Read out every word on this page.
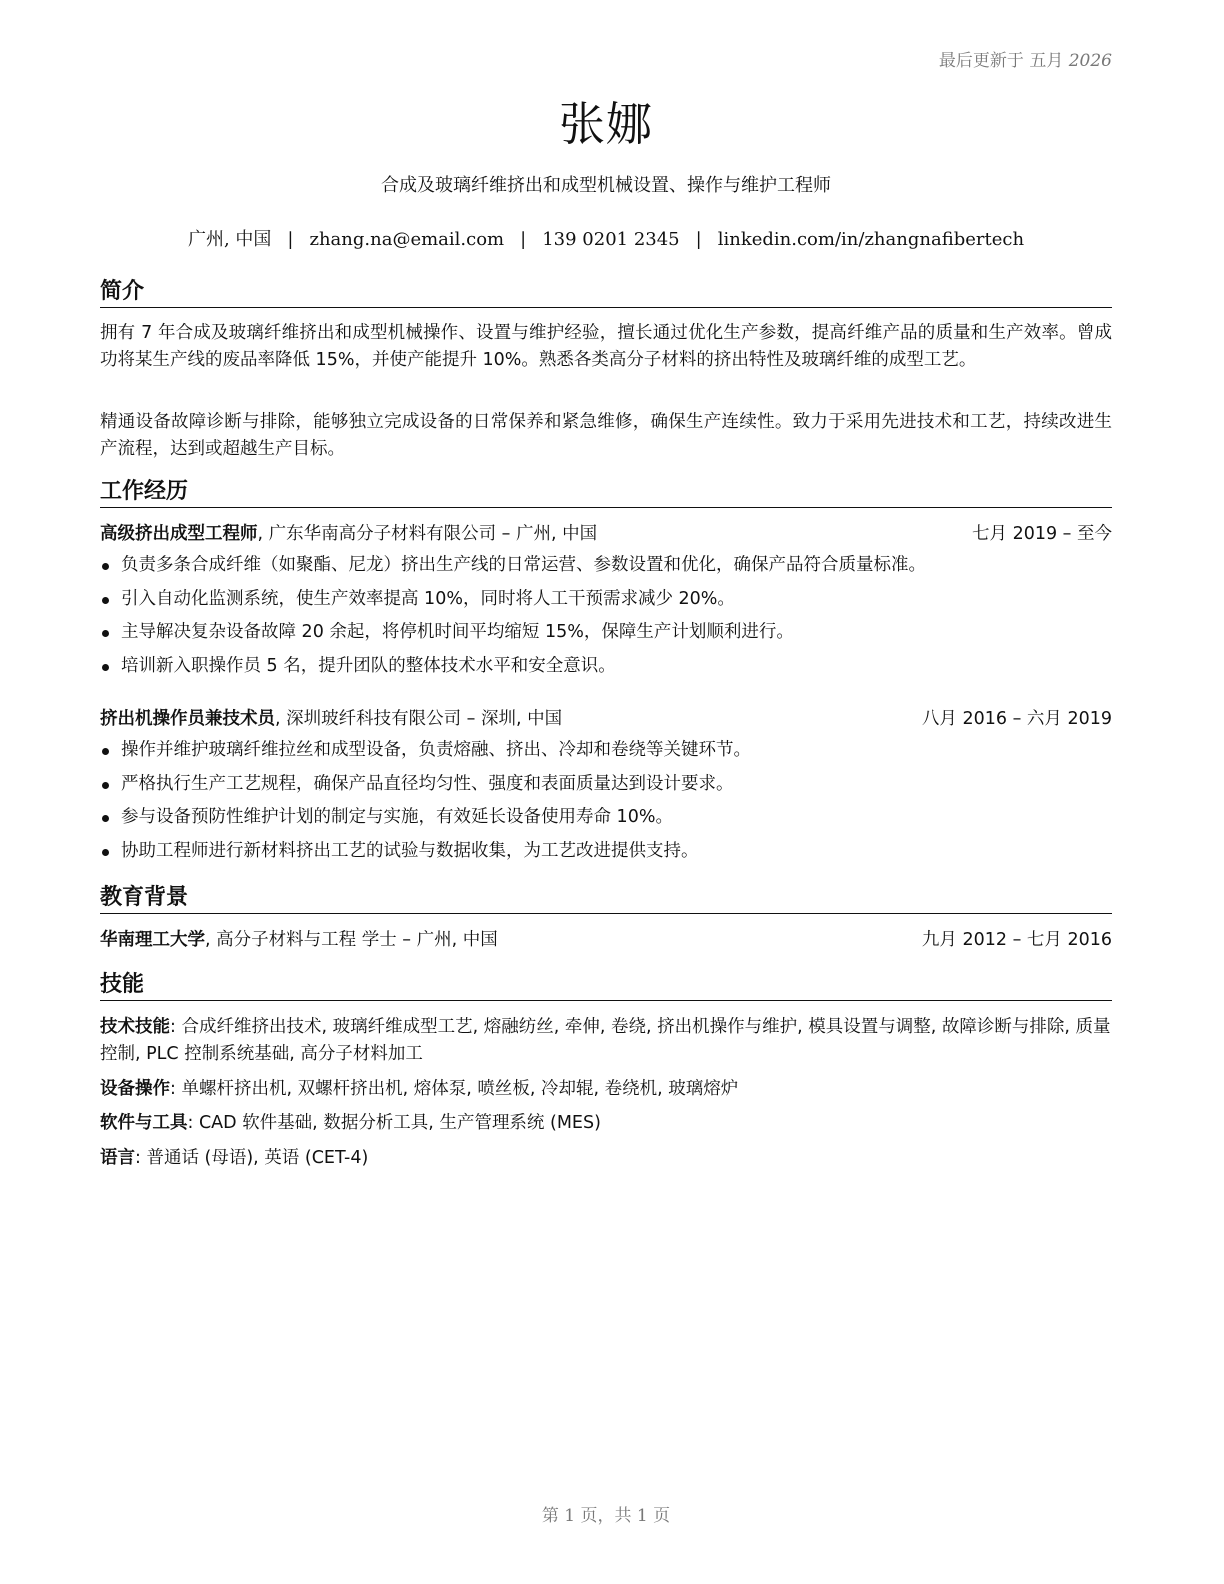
最后更新于 五月 2026
张娜
合成及玻璃纤维挤出和成型机械设置、操作与维护工程师
广州, 中国 | zhang.na@email.com | 139 0201 2345 | linkedin.com/in/zhangnafibertech
简介
拥有 7 年合成及玻璃纤维挤出和成型机械操作、设置与维护经验，擅长通过优化生产参数，提高纤维产品的质量和生产效率。曾成功将某生产线的废品率降低 15%，并使产能提升 10%。熟悉各类高分子材料的挤出特性及玻璃纤维的成型工艺。
精通设备故障诊断与排除，能够独立完成设备的日常保养和紧急维修，确保生产连续性。致力于采用先进技术和工艺，持续改进生产流程，达到或超越生产目标。
工作经历
高级挤出成型工程师, 广东华南高分子材料有限公司 – 广州, 中国	七月 2019 – 至今
负责多条合成纤维（如聚酯、尼龙）挤出生产线的日常运营、参数设置和优化，确保产品符合质量标准。
引入自动化监测系统，使生产效率提高 10%，同时将人工干预需求减少 20%。
主导解决复杂设备故障 20 余起，将停机时间平均缩短 15%，保障生产计划顺利进行。
培训新入职操作员 5 名，提升团队的整体技术水平和安全意识。
挤出机操作员兼技术员, 深圳玻纤科技有限公司 – 深圳, 中国	八月 2016 – 六月 2019
操作并维护玻璃纤维拉丝和成型设备，负责熔融、挤出、冷却和卷绕等关键环节。
严格执行生产工艺规程，确保产品直径均匀性、强度和表面质量达到设计要求。
参与设备预防性维护计划的制定与实施，有效延长设备使用寿命 10%。
协助工程师进行新材料挤出工艺的试验与数据收集，为工艺改进提供支持。
教育背景
华南理工大学, 高分子材料与工程 学士 – 广州, 中国	九月 2012 – 七月 2016
技能
技术技能: 合成纤维挤出技术, 玻璃纤维成型工艺, 熔融纺丝, 牵伸, 卷绕, 挤出机操作与维护, 模具设置与调整, 故障诊断与排除, 质量控制, PLC 控制系统基础, 高分子材料加工
设备操作: 单螺杆挤出机, 双螺杆挤出机, 熔体泵, 喷丝板, 冷却辊, 卷绕机, 玻璃熔炉
软件与工具: CAD 软件基础, 数据分析工具, 生产管理系统 (MES)
语言: 普通话 (母语), 英语 (CET-4)
第 1 页，共 1 页
